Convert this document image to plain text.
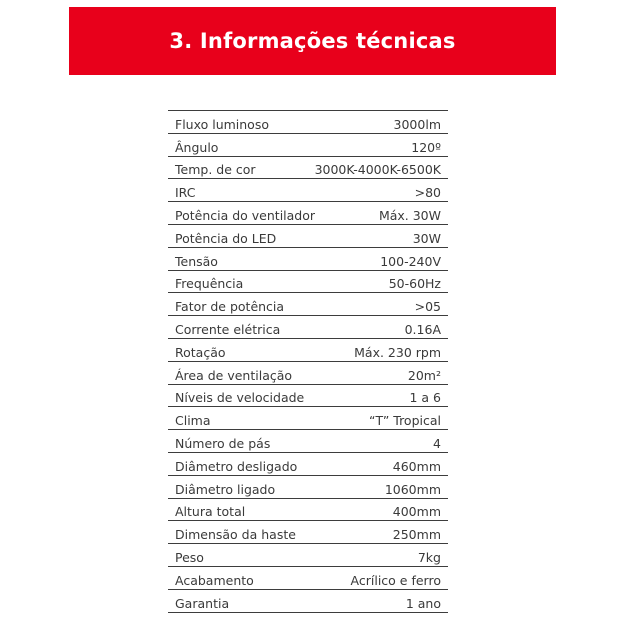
3. Informações técnicas
Fluxo luminoso	3000lm
Ângulo	120º
Temp. de cor	3000K-4000K-6500K
IRC	>80
Potência do ventilador	Máx. 30W
Potência do LED	30W
Tensão	100-240V
Frequência	50-60Hz
Fator de potência	>05
Corrente elétrica	0.16A
Rotação	Máx. 230 rpm
Área de ventilação	20m²
Níveis de velocidade	1 a 6
Clima	“T” Tropical
Número de pás	4
Diâmetro desligado	460mm
Diâmetro ligado	1060mm
Altura total	400mm
Dimensão da haste	250mm
Peso	7kg
Acabamento	Acrílico e ferro
Garantia	1 ano
